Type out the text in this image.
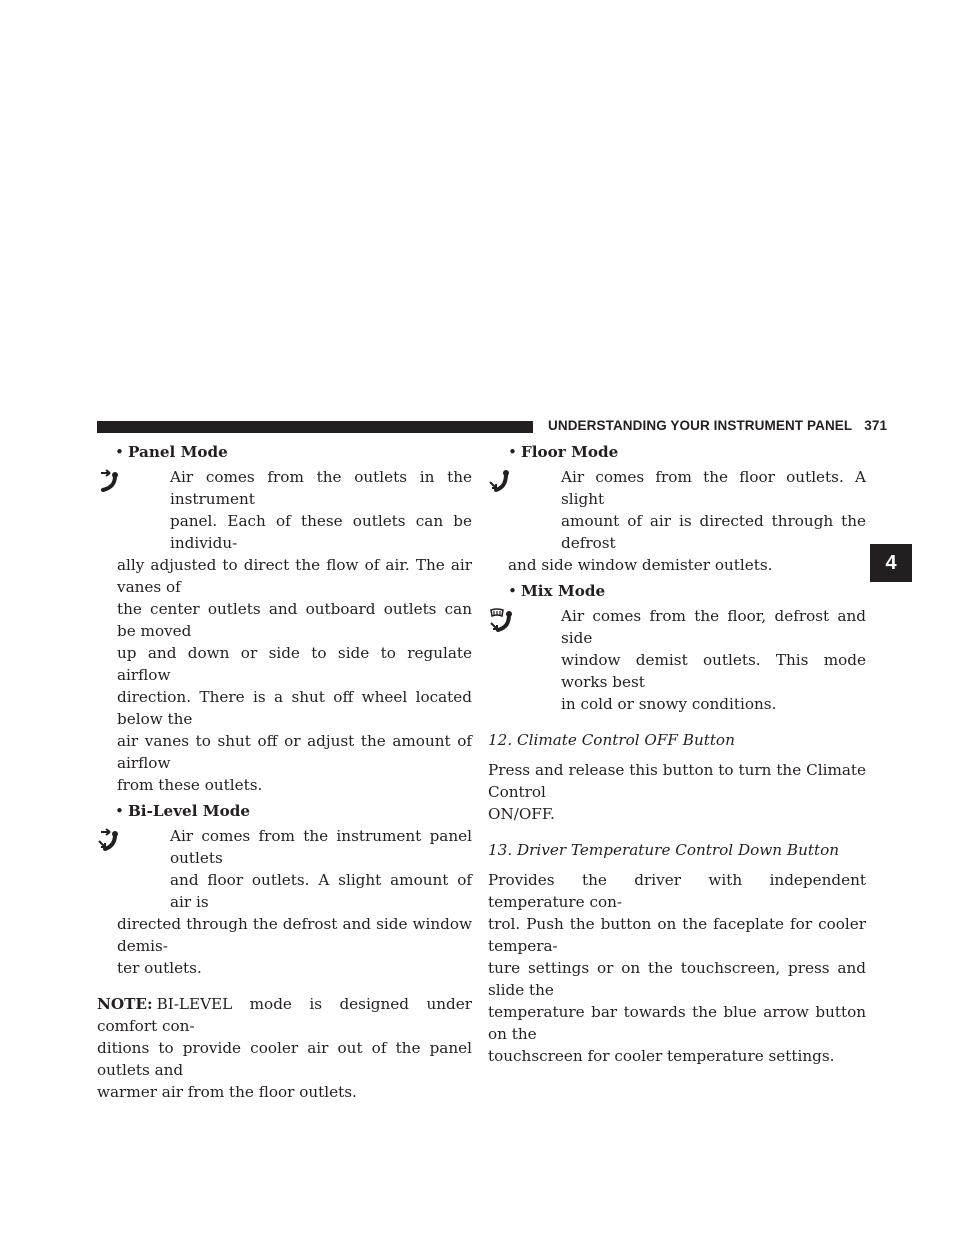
UNDERSTANDING YOUR INSTRUMENT PANEL 371
4
• Panel Mode
Air comes from the outlets in the instrument
panel. Each of these outlets can be individu-
ally adjusted to direct the flow of air. The air vanes of
the center outlets and outboard outlets can be moved
up and down or side to side to regulate airflow
direction. There is a shut off wheel located below the
air vanes to shut off or adjust the amount of airflow
from these outlets.
• Bi-Level Mode
Air comes from the instrument panel outlets
and floor outlets. A slight amount of air is
directed through the defrost and side window demis-
ter outlets.
NOTE: BI-LEVEL mode is designed under comfort con-
ditions to provide cooler air out of the panel outlets and
warmer air from the floor outlets.
• Floor Mode
Air comes from the floor outlets. A slight
amount of air is directed through the defrost
and side window demister outlets.
• Mix Mode
Air comes from the floor, defrost and side
window demist outlets. This mode works best
in cold or snowy conditions.

12. Climate Control OFF Button

Press and release this button to turn the Climate Control
ON/OFF.

13. Driver Temperature Control Down Button

Provides the driver with independent temperature con-
trol. Push the button on the faceplate for cooler tempera-
ture settings or on the touchscreen, press and slide the
temperature bar towards the blue arrow button on the
touchscreen for cooler temperature settings.
